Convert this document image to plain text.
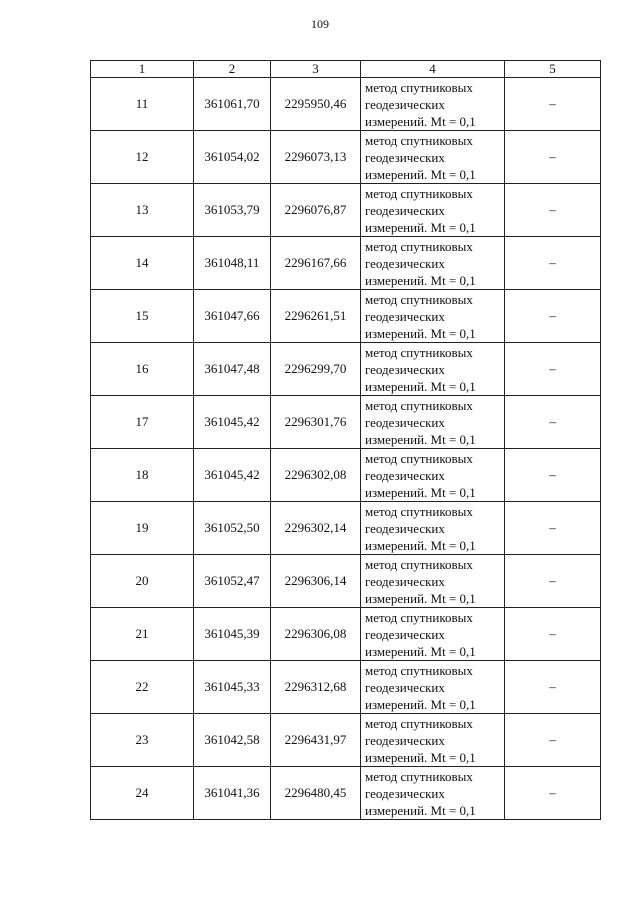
109
1	2	3	4	5
11	361061,70	2295950,46	метод спутниковых
геодезических
измерений. Mt = 0,1	–
12	361054,02	2296073,13	метод спутниковых
геодезических
измерений. Mt = 0,1	–
13	361053,79	2296076,87	метод спутниковых
геодезических
измерений. Mt = 0,1	–
14	361048,11	2296167,66	метод спутниковых
геодезических
измерений. Mt = 0,1	–
15	361047,66	2296261,51	метод спутниковых
геодезических
измерений. Mt = 0,1	–
16	361047,48	2296299,70	метод спутниковых
геодезических
измерений. Mt = 0,1	–
17	361045,42	2296301,76	метод спутниковых
геодезических
измерений. Mt = 0,1	–
18	361045,42	2296302,08	метод спутниковых
геодезических
измерений. Mt = 0,1	–
19	361052,50	2296302,14	метод спутниковых
геодезических
измерений. Mt = 0,1	–
20	361052,47	2296306,14	метод спутниковых
геодезических
измерений. Mt = 0,1	–
21	361045,39	2296306,08	метод спутниковых
геодезических
измерений. Mt = 0,1	–
22	361045,33	2296312,68	метод спутниковых
геодезических
измерений. Mt = 0,1	–
23	361042,58	2296431,97	метод спутниковых
геодезических
измерений. Mt = 0,1	–
24	361041,36	2296480,45	метод спутниковых
геодезических
измерений. Mt = 0,1	–
